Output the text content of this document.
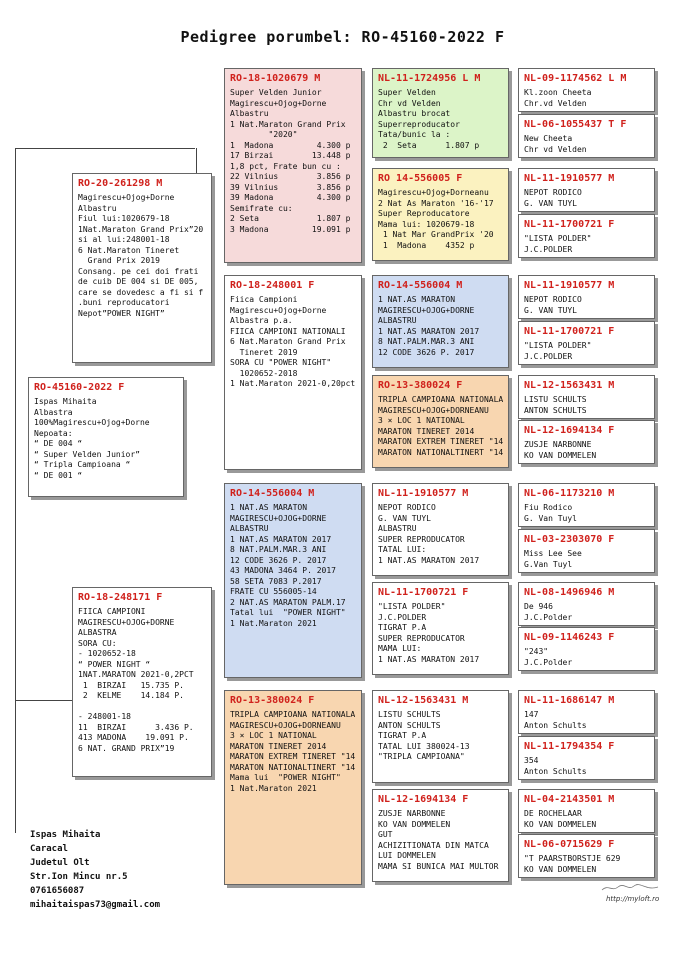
Pedigree porumbel: RO-45160-2022 F
RO-45160-2022 F
Ispas Mihaita
Albastra
100%Magirescu+Ojog+Dorne
Nepoata:
“ DE 004 “
“ Super Velden Junior”
“ Tripla Campioana “
“ DE 001 “
RO-20-261298 M
Magirescu+Ojog+Dorne
Albastru
Fiul lui:1020679-18
1Nat.Maraton Grand Prix”20
si al lui:248001-18
6 Nat.Maraton Tineret
Grand Prix 2019
Consang. pe cei doi frati
de cuib DE 004 si DE 005,
care se dovedesc a fi si f
.buni reproducatori
Nepot”POWER NIGHT”
RO-18-248171 F
FIICA CAMPIONI
MAGIRESCU+OJOG+DORNE
ALBASTRA
SORA CU:
- 1020652-18
“ POWER NIGHT “
1NAT.MARATON 2021-0,2PCT
1  BIRZAI   15.735 P.
2  KELME    14.184 P.

- 248001-18
11  BIRZAI      3.436 P.
413 MADONA    19.091 P.
6 NAT. GRAND PRIX”19
RO-18-1020679 M
Super Velden Junior
Magirescu+Ojog+Dorne
Albastru
1 Nat.Maraton Grand Prix
"2020"
1  Madona         4.300 p
17 Birzai        13.448 p
1,8 pct, Frate bun cu :
22 Vilnius        3.856 p
39 Vilnius        3.856 p
39 Madona         4.300 p
Semifrate cu:
2 Seta            1.807 p
3 Madona         19.091 p
RO-18-248001 F
Fiica Campioni
Magirescu+Ojog+Dorne
Albastra p.a.
FIICA CAMPIONI NATIONALI
6 Nat.Maraton Grand Prix
Tineret 2019
SORA CU "POWER NIGHT"
1020652-2018
1 Nat.Maraton 2021-0,20pct
RO-14-556004 M
1 NAT.AS MARATON
MAGIRESCU+OJOG+DORNE
ALBASTRU
1 NAT.AS MARATON 2017
8 NAT.PALM.MAR.3 ANI
12 CODE 3626 P. 2017
43 MADONA 3464 P. 2017
58 SETA 7083 P.2017
FRATE CU 556005-14
2 NAT.AS MARATON PALM.17
Tatal lui  "POWER NIGHT"
1 Nat.Maraton 2021
RO-13-380024 F
TRIPLA CAMPIOANA NATIONALA
MAGIRESCU+OJOG+DORNEANU
3 × LOC 1 NATIONAL
MARATON TINERET 2014
MARATON EXTREM TINERET "14
MARATON NATIONALTINERT "14
Mama lui  "POWER NIGHT"
1 Nat.Maraton 2021
NL-11-1724956 L M
Super Velden
Chr vd Velden
Albastru brocat
Superreproducator
Tata/bunic la :
2  Seta      1.807 p
RO 14-556005 F
Magirescu+Ojog+Dorneanu
2 Nat As Maraton '16-'17
Super Reproducatore
Mama lui: 1020679-18
1 Nat Mar GrandPrix '20
1  Madona    4352 p
RO-14-556004 M
1 NAT.AS MARATON
MAGIRESCU+OJOG+DORNE
ALBASTRU
1 NAT.AS MARATON 2017
8 NAT.PALM.MAR.3 ANI
12 CODE 3626 P. 2017
RO-13-380024 F
TRIPLA CAMPIOANA NATIONALA
MAGIRESCU+OJOG+DORNEANU
3 × LOC 1 NATIONAL
MARATON TINERET 2014
MARATON EXTREM TINERET "14
MARATON NATIONALTINERT "14
NL-11-1910577 M
NEPOT RODICO
G. VAN TUYL
ALBASTRU
SUPER REPRODUCATOR
TATAL LUI:
1 NAT.AS MARATON 2017
NL-11-1700721 F
"LISTA POLDER"
J.C.POLDER
TIGRAT P.A
SUPER REPRODUCATOR
MAMA LUI:
1 NAT.AS MARATON 2017
NL-12-1563431 M
LISTU SCHULTS
ANTON SCHULTS
TIGRAT P.A
TATAL LUI 380024-13
"TRIPLA CAMPIOANA"
NL-12-1694134 F
ZUSJE NARBONNE
KO VAN DOMMELEN
GUT
ACHIZITIONATA DIN MATCA
LUI DOMMELEN
MAMA SI BUNICA MAI MULTOR
NL-09-1174562 L M
Kl.zoon Cheeta
Chr.vd Velden
NL-06-1055437 T F
New Cheeta
Chr vd Velden
NL-11-1910577 M
NEPOT RODICO
G. VAN TUYL
NL-11-1700721 F
"LISTA POLDER"
J.C.POLDER
NL-11-1910577 M
NEPOT RODICO
G. VAN TUYL
NL-11-1700721 F
"LISTA POLDER"
J.C.POLDER
NL-12-1563431 M
LISTU SCHULTS
ANTON SCHULTS
NL-12-1694134 F
ZUSJE NARBONNE
KO VAN DOMMELEN
NL-06-1173210 M
Fiu Rodico
G. Van Tuyl
NL-03-2303070 F
Miss Lee See
G.Van Tuyl
NL-08-1496946 M
De 946
J.C.Polder
NL-09-1146243 F
"243"
J.C.Polder
NL-11-1686147 M
147
Anton Schults
NL-11-1794354 F
354
Anton Schults
NL-04-2143501 M
DE ROCHELAAR
KO VAN DOMMELEN
NL-06-0715629 F
"T PAARSTBORSTJE 629
KO VAN DOMMELEN
Ispas Mihaita
Caracal
Judetul Olt
Str.Ion Mincu nr.5
0761656087
mihaitaispas73@gmail.com
http://myloft.ro
